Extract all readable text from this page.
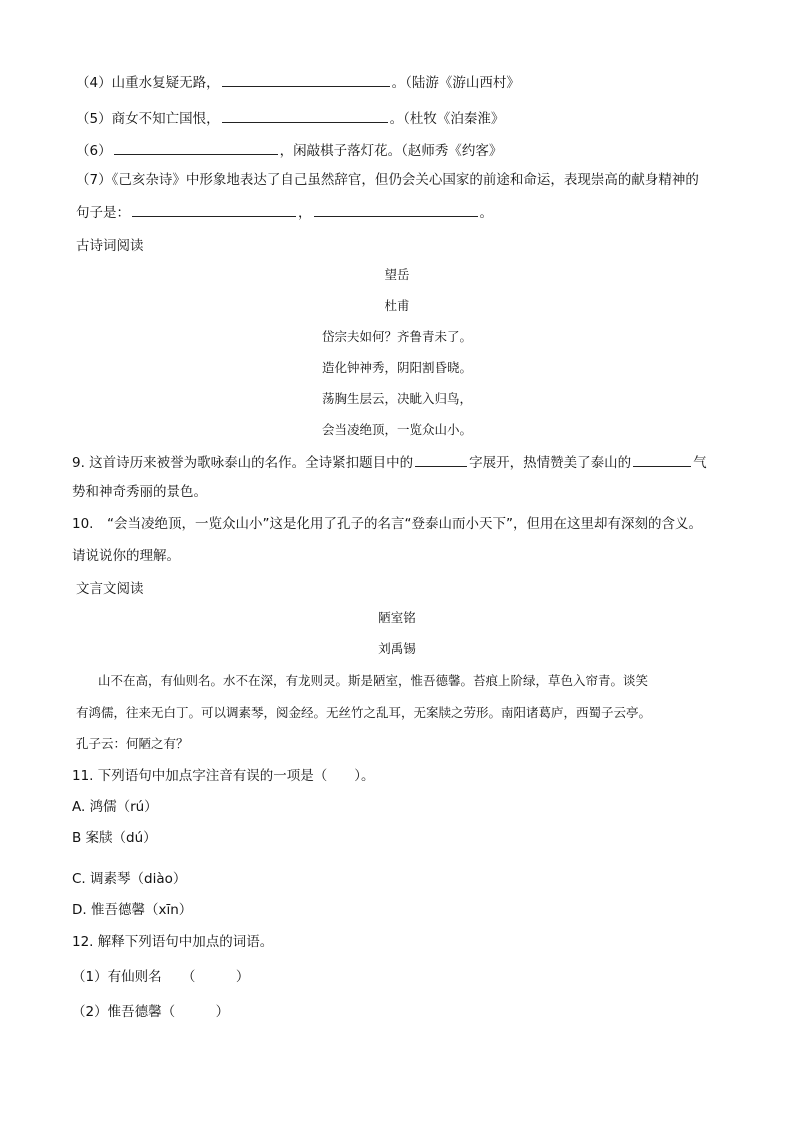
（4）山重水复疑无路，	。（陆游《游山西村》
（5）商女不知亡国恨，	。（杜牧《泊秦淮》
（6）	，闲敲棋子落灯花。（赵师秀《约客》
（7）《己亥杂诗》中形象地表达了自己虽然辞官，但仍会关心国家的前途和命运，表现崇高的献身精神的
句子是：	，	。
古诗词阅读
望岳
杜甫
岱宗夫如何？齐鲁青未了。
造化钟神秀，阴阳割昏晓。
荡胸生层云，决眦入归鸟，
会当凌绝顶，一览众山小。
9. 这首诗历来被誉为歌咏泰山的名作。全诗紧扣题目中的	字展开，热情赞美了泰山的	气
势和神奇秀丽的景色。
10.　“会当凌绝顶，一览众山小”这是化用了孔子的名言“登泰山而小天下”，但用在这里却有深刻的含义。
请说说你的理解。
文言文阅读
陋室铭
刘禹锡
山不在高，有仙则名。水不在深，有龙则灵。斯是陋室，惟吾德馨。苔痕上阶绿，草色入帘青。谈笑
有鸿儒，往来无白丁。可以调素琴，阅金经。无丝竹之乱耳，无案牍之劳形。南阳诸葛庐，西蜀子云亭。
孔子云：何陋之有？
11. 下列语句中加点字注音有误的一项是（　　）。
A. 鸿儒（rú）
B 案牍（dú）
C. 调素琴（diào）
D. 惟吾德馨（xīn）
12. 解释下列语句中加点的词语。
（1）有仙则名　　（　　　）
（2）惟吾德馨（　　　）
